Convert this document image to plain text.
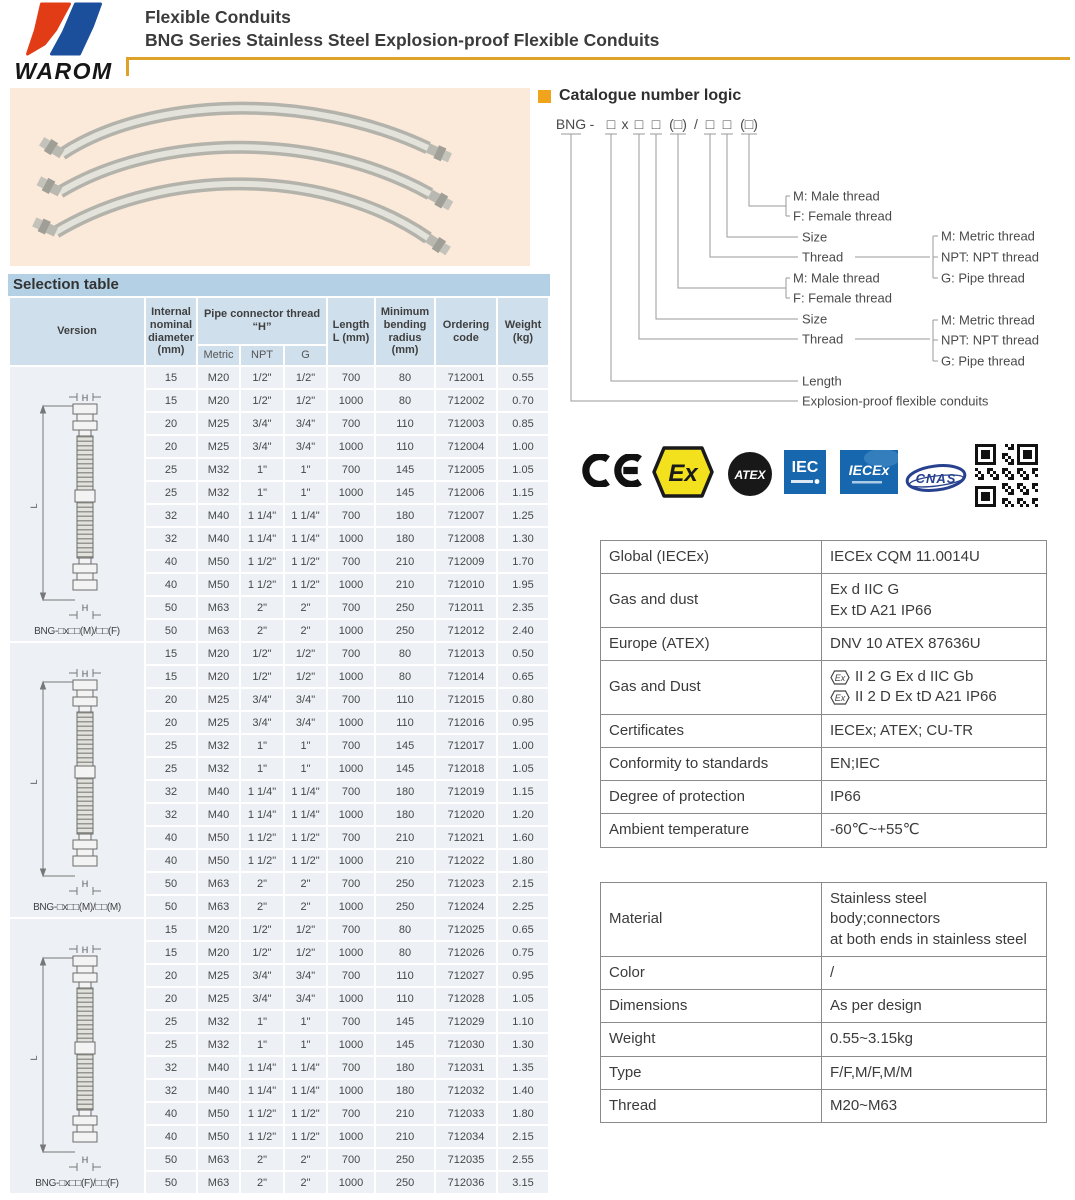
WAROM
Flexible Conduits
BNG Series Stainless Steel Explosion-proof Flexible Conduits
Catalogue number logic
BNG - □ x □ □ (□) / □ □ (□)
M: Male thread
F: Female thread
Size
Thread
M: Metric thread
NPT: NPT thread
G: Pipe thread
M: Male thread
F: Female thread
Size
Thread
M: Metric thread
NPT: NPT thread
G: Pipe thread
Length
Explosion-proof flexible conduits
Selection table
Version	Internal nominal diameter (mm)	Pipe connector thread “H”			Length L (mm)	Minimum bending radius (mm)	Ordering code	Weight (kg)
		Metric	NPT	G				

H
L
H
BNG-□x□□(M)/□□(F)	15	M20	1/2"	1/2"	700	80	712001	0.55
	15	M20	1/2"	1/2"	1000	80	712002	0.70
	20	M25	3/4"	3/4"	700	110	712003	0.85
	20	M25	3/4"	3/4"	1000	110	712004	1.00
	25	M32	1"	1"	700	145	712005	1.05
	25	M32	1"	1"	1000	145	712006	1.15
	32	M40	1 1/4"	1 1/4"	700	180	712007	1.25
	32	M40	1 1/4"	1 1/4"	1000	180	712008	1.30
	40	M50	1 1/2"	1 1/2"	700	210	712009	1.70
	40	M50	1 1/2"	1 1/2"	1000	210	712010	1.95
	50	M63	2"	2"	700	250	712011	2.35
	50	M63	2"	2"	1000	250	712012	2.40

H
L
H
BNG-□x□□(M)/□□(M)	15	M20	1/2"	1/2"	700	80	712013	0.50
	15	M20	1/2"	1/2"	1000	80	712014	0.65
	20	M25	3/4"	3/4"	700	110	712015	0.80
	20	M25	3/4"	3/4"	1000	110	712016	0.95
	25	M32	1"	1"	700	145	712017	1.00
	25	M32	1"	1"	1000	145	712018	1.05
	32	M40	1 1/4"	1 1/4"	700	180	712019	1.15
	32	M40	1 1/4"	1 1/4"	1000	180	712020	1.20
	40	M50	1 1/2"	1 1/2"	700	210	712021	1.60
	40	M50	1 1/2"	1 1/2"	1000	210	712022	1.80
	50	M63	2"	2"	700	250	712023	2.15
	50	M63	2"	2"	1000	250	712024	2.25

H
L
H
BNG-□x□□(F)/□□(F)	15	M20	1/2"	1/2"	700	80	712025	0.65
	15	M20	1/2"	1/2"	1000	80	712026	0.75
	20	M25	3/4"	3/4"	700	110	712027	0.95
	20	M25	3/4"	3/4"	1000	110	712028	1.05
	25	M32	1"	1"	700	145	712029	1.10
	25	M32	1"	1"	1000	145	712030	1.30
	32	M40	1 1/4"	1 1/4"	700	180	712031	1.35
	32	M40	1 1/4"	1 1/4"	1000	180	712032	1.40
	40	M50	1 1/2"	1 1/2"	700	210	712033	1.80
	40	M50	1 1/2"	1 1/2"	1000	210	712034	2.15
	50	M63	2"	2"	700	250	712035	2.55
	50	M63	2"	2"	1000	250	712036	3.15
Ex	ATEX IEC IECEx
CNAS
Global (IECEx)	IECEx CQM 11.0014U
Gas and dust	Ex d IIC G
Ex tD A21 IP66

Europe (ATEX)	DNV 10 ATEX 87636U
Gas and Dust	Ex II 2 G Ex d IIC Gb
Ex II 2 D Ex tD A21 IP66

Certificates	IECEx; ATEX; CU-TR
Conformity to standards	EN;IEC
Degree of protection	IP66
Ambient temperature	-60℃~+55℃
Material	Stainless steel body;connectors
at both ends in stainless steel

Color	/
Dimensions	As per design
Weight	0.55~3.15kg
Type	F/F,M/F,M/M
Thread	M20~M63
